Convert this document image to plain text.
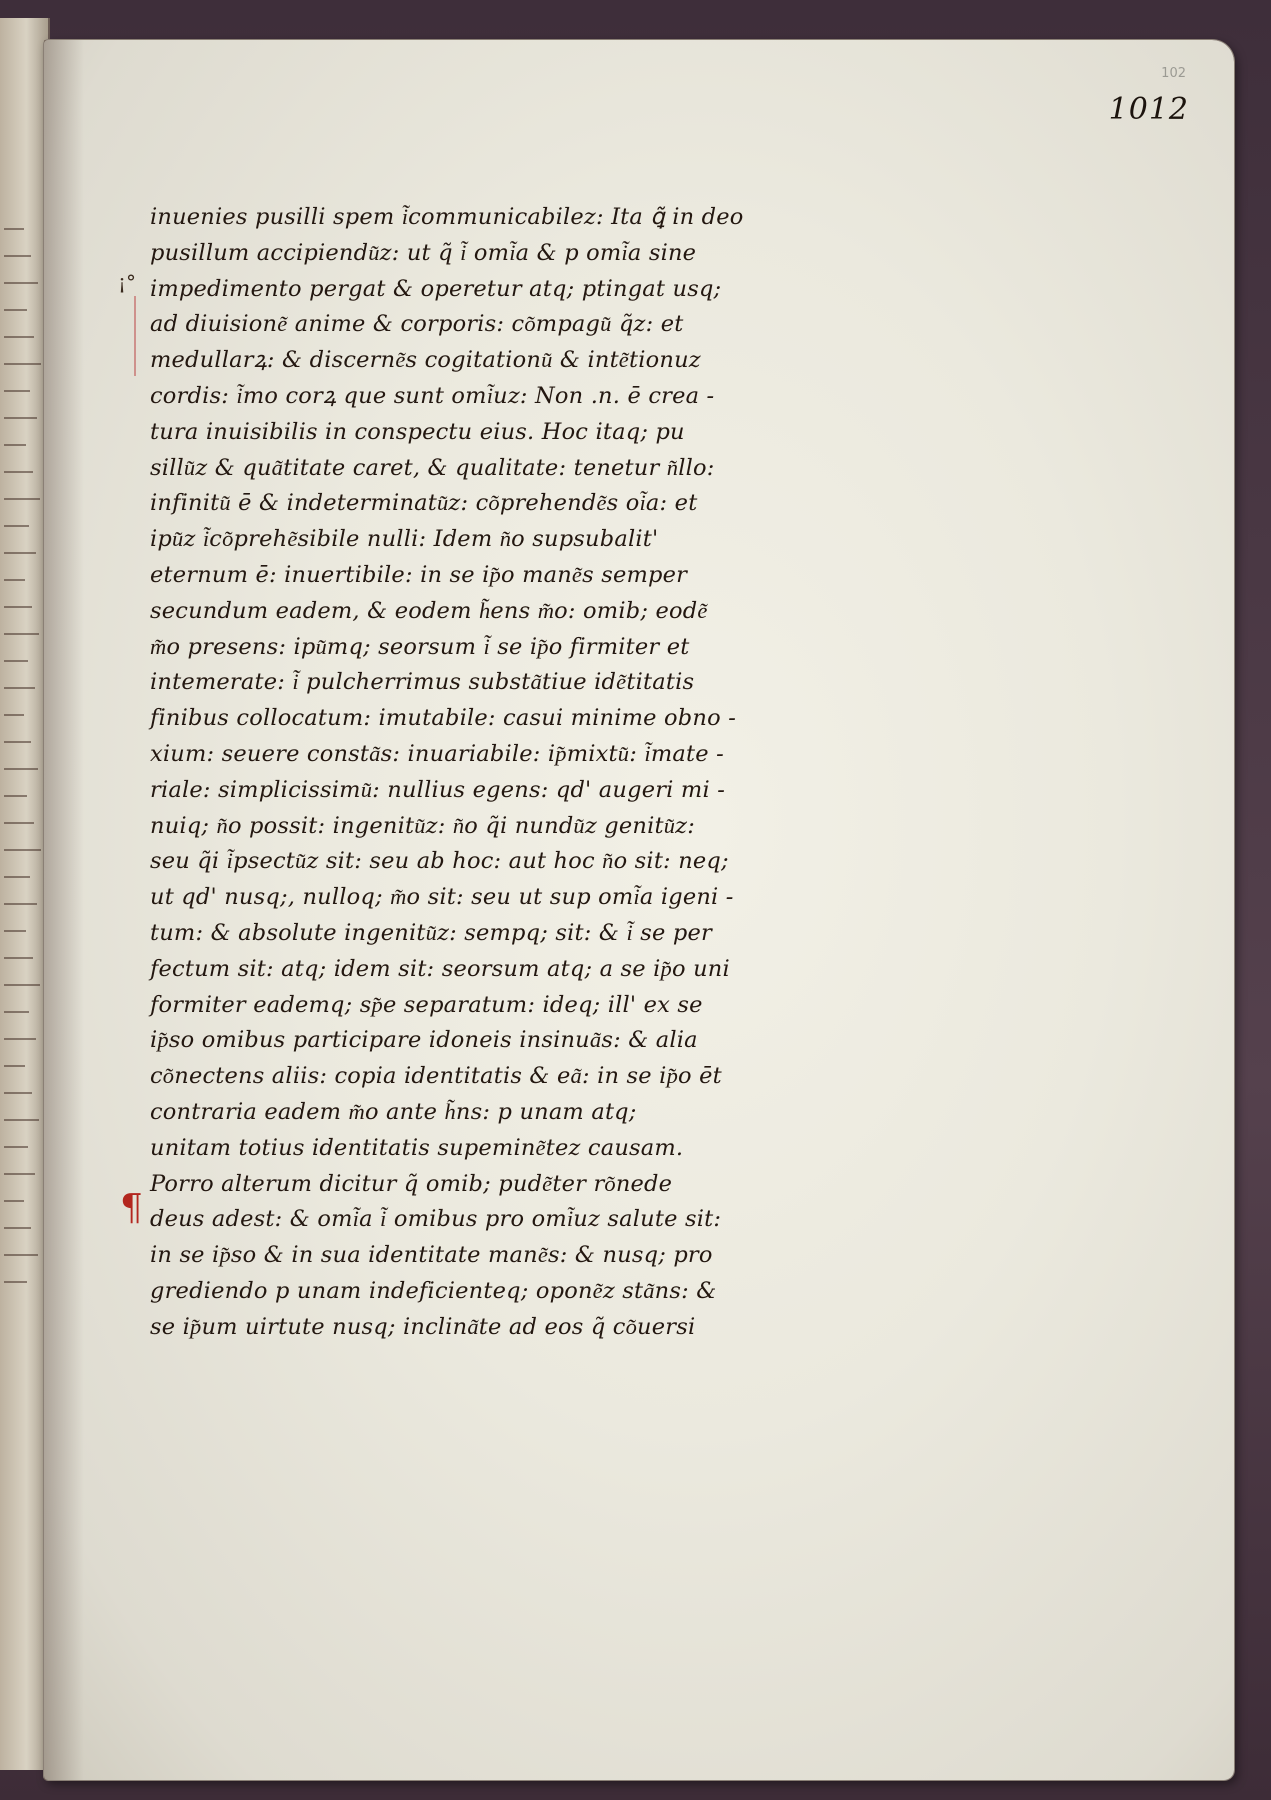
102
1012
¡°
¶
inuenies pusilli spem i͂communicabilez: Ita ꝗ̃ in deo
pusillum accipiendu͂z: ut q̃ i͂ omi͂a & p omi͂a sine
impedimento pergat & operetur atq; ptingat usq;
ad diuisione͂ anime & corporis: co͂mpagu͂ q̃z: et
medullarꝝ: & discerne͂s cogitationu͂ & inte͂tionuz
cordis: i͂mo corꝝ que sunt omi͂uz: Non .n. ē crea -
tura inuisibilis in conspectu eius. Hoc itaq; pu
sillu͂z & qua͂titate caret, & qualitate: tenetur n͂llo:
infinitu͂ ē & indeterminatu͂z: co͂prehende͂s oi͂a: et
ipu͂z i͂co͂prehe͂sibile nulli: Idem n͂o supsubalit'
eternum ē: inuertibile: in se ip͂o mane͂s semper
secundum eadem, & eodem h͂ens m͂o: omib; eode͂
m͂o presens: ipu͂mq; seorsum i͂ se ip͂o firmiter et
intemerate: i͂ pulcherrimus substa͂tiue ide͂titatis
finibus collocatum: imutabile: casui minime obno -
xium: seuere consta͂s: inuariabile: ip͂mixtu͂: i͂mate -
riale: simplicissimu͂: nullius egens: qd' augeri mi -
nuiq; n͂o possit: ingenitu͂z: n͂o q̃i nundu͂z genitu͂z:
seu q̃i i͂psectu͂z sit: seu ab hoc: aut hoc n͂o sit: neq;
ut qd' nusq;, nulloq; m͂o sit: seu ut sup omi͂a igeni -
tum: & absolute ingenitu͂z: sempq; sit: & i͂ se per
fectum sit: atq; idem sit: seorsum atq; a se ip͂o uni
formiter eademq; sp͂e separatum: ideq; ill' ex se
ip͂so omibus participare idoneis insinua͂s: & alia
co͂nectens aliis: copia identitatis & ea͂: in se ip͂o ēt
contraria eadem m͂o ante h͂ns: p unam atq;
unitam totius identitatis supemine͂tez causam.
Porro alterum dicitur q̃ omib; pude͂ter ro͂nede
deus adest: & omi͂a i͂ omibus pro omi͂uz salute sit:
in se ip͂so & in sua identitate mane͂s: & nusq; pro
grediendo p unam indeficienteq; opone͂z sta͂ns: &
se ip͂um uirtute nusq; inclina͂te ad eos q̃ co͂uersi
